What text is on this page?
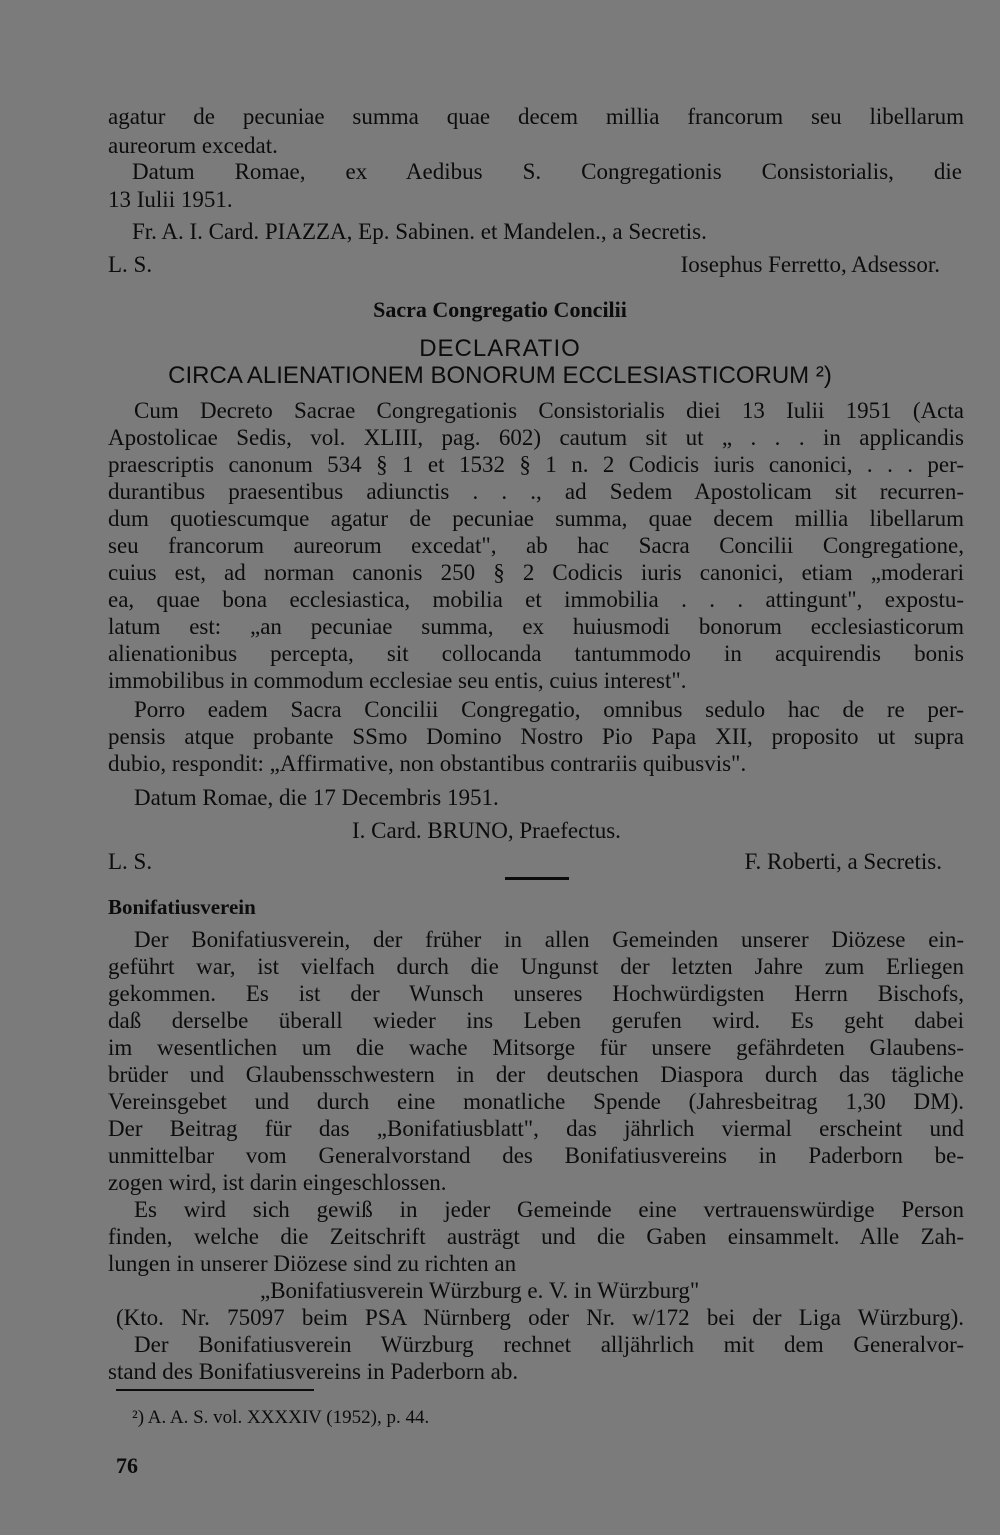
agatur de pecuniae summa quae decem millia francorum seu libellarum
aureorum excedat.
Datum Romae, ex Aedibus S. Congregationis Consistorialis, die
13 Iulii 1951.
Fr. A. I. Card. PIAZZA, Ep. Sabinen. et Mandelen., a Secretis.
L. S.	Iosephus Ferretto, Adsessor.
Sacra Congregatio Concilii
DECLARATIO
CIRCA ALIENATIONEM BONORUM ECCLESIASTICORUM ²)
Cum Decreto Sacrae Congregationis Consistorialis diei 13 Iulii 1951 (Acta
Apostolicae Sedis, vol. XLIII, pag. 602) cautum sit ut „ . . . in applicandis
praescriptis canonum 534 § 1 et 1532 § 1 n. 2 Codicis iuris canonici, . . . per-
durantibus praesentibus adiunctis . . ., ad Sedem Apostolicam sit recurren-
dum quotiescumque agatur de pecuniae summa, quae decem millia libellarum
seu francorum aureorum excedat", ab hac Sacra Concilii Congregatione,
cuius est, ad norman canonis 250 § 2 Codicis iuris canonici, etiam „moderari
ea, quae bona ecclesiastica, mobilia et immobilia . . . attingunt", expostu-
latum est: „an pecuniae summa, ex huiusmodi bonorum ecclesiasticorum
alienationibus percepta, sit collocanda tantummodo in acquirendis bonis
immobilibus in commodum ecclesiae seu entis, cuius interest".
Porro eadem Sacra Concilii Congregatio, omnibus sedulo hac de re per-
pensis atque probante SSmo Domino Nostro Pio Papa XII, proposito ut supra
dubio, respondit: „Affirmative, non obstantibus contrariis quibusvis".
Datum Romae, die 17 Decembris 1951.
I. Card. BRUNO, Praefectus.
L. S.	F. Roberti, a Secretis.
Bonifatiusverein
Der Bonifatiusverein, der früher in allen Gemeinden unserer Diözese ein-
geführt war, ist vielfach durch die Ungunst der letzten Jahre zum Erliegen
gekommen. Es ist der Wunsch unseres Hochwürdigsten Herrn Bischofs,
daß derselbe überall wieder ins Leben gerufen wird. Es geht dabei
im wesentlichen um die wache Mitsorge für unsere gefährdeten Glaubens-
brüder und Glaubensschwestern in der deutschen Diaspora durch das tägliche
Vereinsgebet und durch eine monatliche Spende (Jahresbeitrag 1,30 DM).
Der Beitrag für das „Bonifatiusblatt", das jährlich viermal erscheint und
unmittelbar vom Generalvorstand des Bonifatiusvereins in Paderborn be-
zogen wird, ist darin eingeschlossen.
Es wird sich gewiß in jeder Gemeinde eine vertrauenswürdige Person
finden, welche die Zeitschrift austrägt und die Gaben einsammelt. Alle Zah-
lungen in unserer Diözese sind zu richten an
„Bonifatiusverein Würzburg e. V. in Würzburg"
(Kto. Nr. 75097 beim PSA Nürnberg oder Nr. w/172 bei der Liga Würzburg).
Der Bonifatiusverein Würzburg rechnet alljährlich mit dem Generalvor-
stand des Bonifatiusvereins in Paderborn ab.
²) A. A. S. vol. XXXXIV (1952), p. 44.
76
